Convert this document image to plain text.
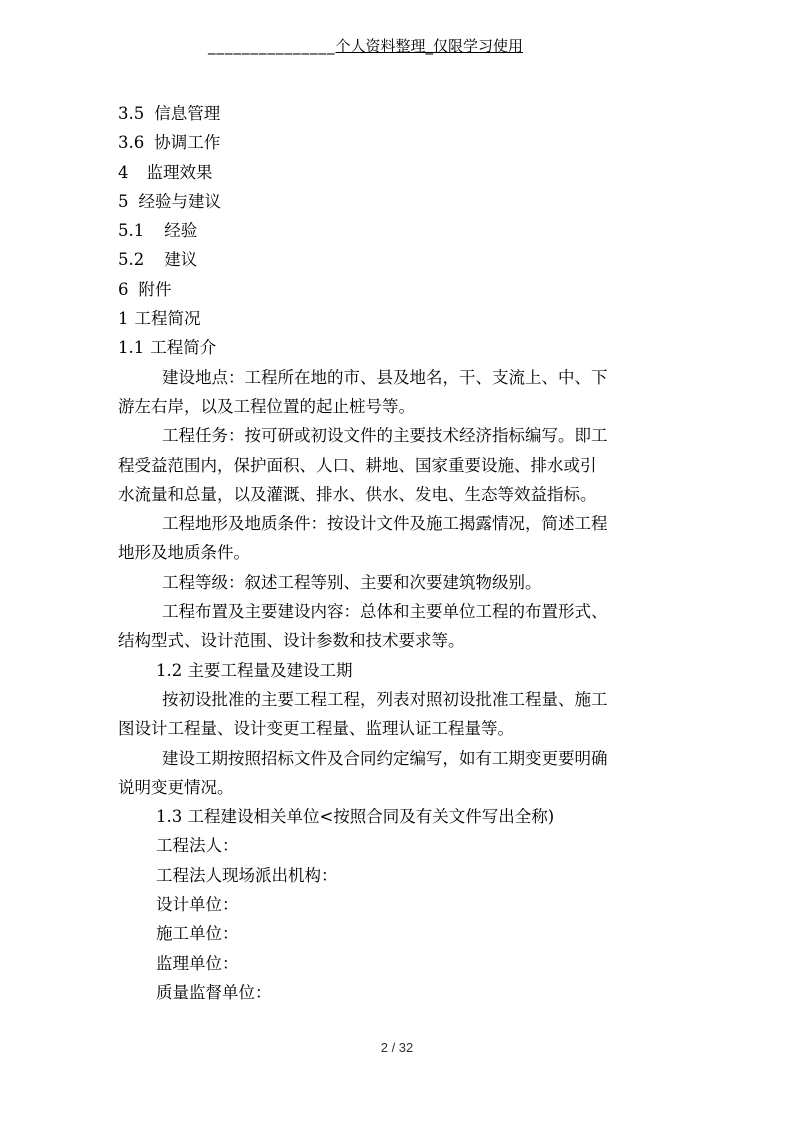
_______________个人资料整理_仅限学习使用
3.5 信息管理
3.6 协调工作
4 监理效果
5 经验与建议
5.1 经验
5.2 建议
6 附件
1 工程简况
1.1 工程简介
建设地点：工程所在地的市、县及地名，干、支流上、中、下
游左右岸，以及工程位置的起止桩号等。
工程任务：按可研或初设文件的主要技术经济指标编写。即工
程受益范围内，保护面积、人口、耕地、国家重要设施、排水或引
水流量和总量，以及灌溉、排水、供水、发电、生态等效益指标。
工程地形及地质条件：按设计文件及施工揭露情况，简述工程
地形及地质条件。
工程等级：叙述工程等别、主要和次要建筑物级别。
工程布置及主要建设内容：总体和主要单位工程的布置形式、
结构型式、设计范围、设计参数和技术要求等。
1.2 主要工程量及建设工期
按初设批准的主要工程工程，列表对照初设批准工程量、施工
图设计工程量、设计变更工程量、监理认证工程量等。
建设工期按照招标文件及合同约定编写，如有工期变更要明确
说明变更情况。
1.3 工程建设相关单位<按照合同及有关文件写出全称)
工程法人：
工程法人现场派出机构：
设计单位：
施工单位：
监理单位：
质量监督单位：
2 / 32
